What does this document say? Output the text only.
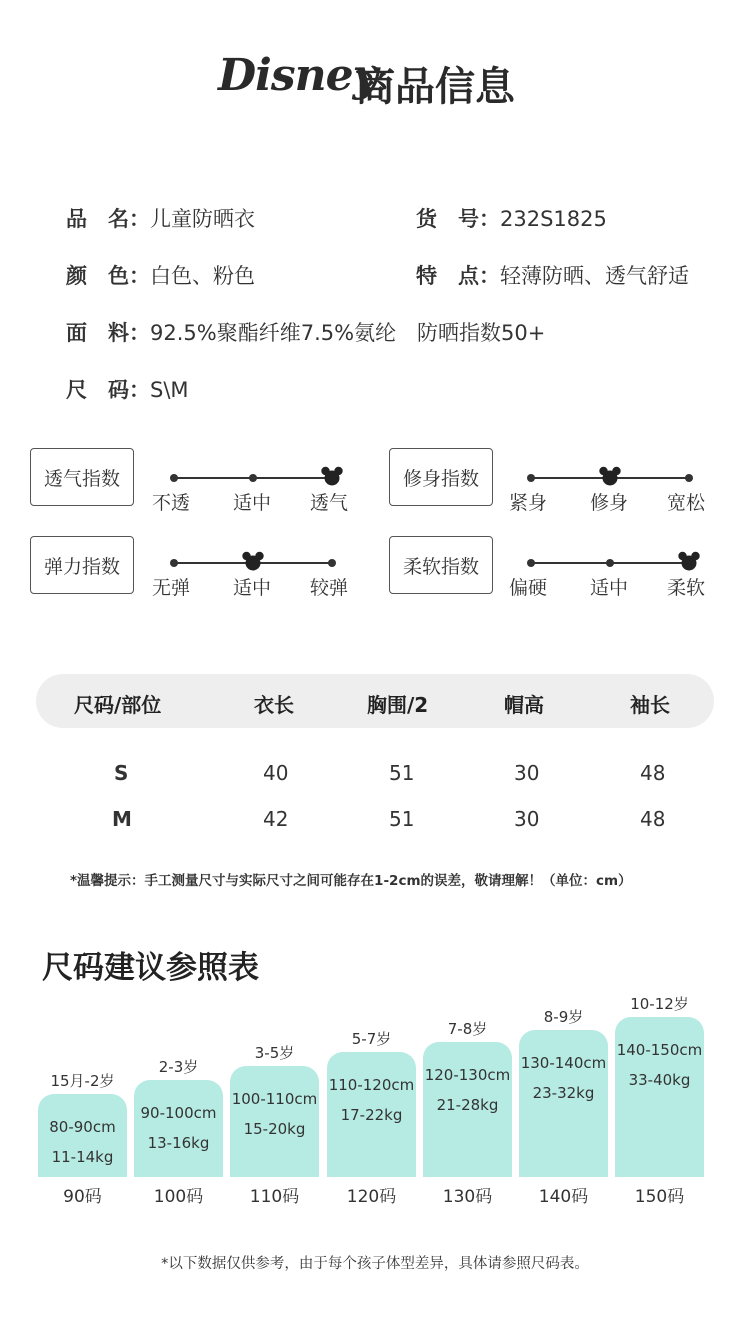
Disney
商品信息
品　名：儿童防晒衣	货　号：232S1825
颜　色：白色、粉色	特　点：轻薄防晒、透气舒适
面　料：92.5%聚酯纤维7.5%氨纶　防晒指数50+
尺　码：S\M
透气指数
不透 适中 透气
修身指数
紧身 修身 宽松
弹力指数
无弹 适中 较弹
柔软指数
偏硬 适中 柔软
尺码/部位	衣长	胸围/2	帽高	袖长
S	40	51	30	48
M	42	51	30	48
*温馨提示：手工测量尺寸与实际尺寸之间可能存在1-2cm的误差，敬请理解！（单位：cm）
尺码建议参照表
15月-2岁
80-90cm
11-14kg
90码
2-3岁
90-100cm
13-16kg
100码
3-5岁
100-110cm
15-20kg
110码
5-7岁
110-120cm
17-22kg
120码
7-8岁
120-130cm
21-28kg
130码
8-9岁
130-140cm
23-32kg
140码
10-12岁
140-150cm
33-40kg
150码
*以下数据仅供参考，由于每个孩子体型差异，具体请参照尺码表。
